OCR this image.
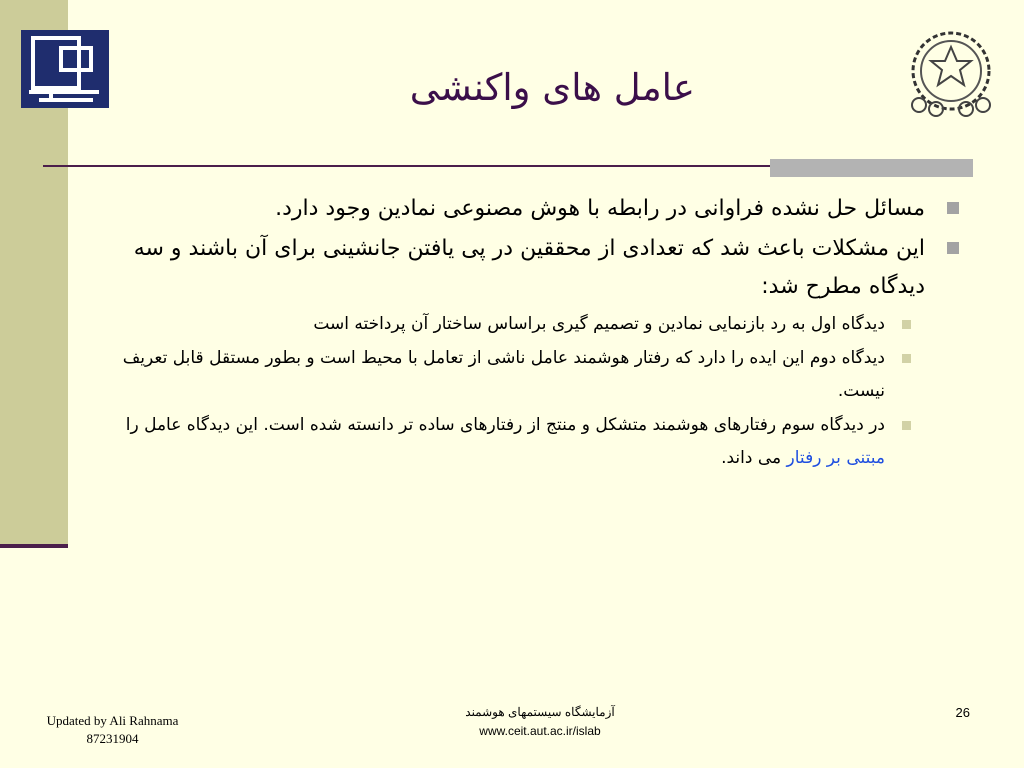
عامل های واکنشی
مسائل حل نشده فراوانی در رابطه با هوش مصنوعی نمادین وجود دارد.
این مشکلات باعث شد که تعدادی از محققین در پی یافتن جانشینی برای آن باشند و سه دیدگاه مطرح شد:
دیدگاه اول به رد بازنمایی نمادین و تصمیم گیری براساس ساختار آن پرداخته است
دیدگاه دوم این ایده را دارد که رفتار هوشمند عامل ناشی از تعامل با محیط است و بطور مستقل قابل تعریف نیست.
در دیدگاه سوم رفتارهای هوشمند متشکل و منتج از رفتارهای ساده تر دانسته شده است. این دیدگاه عامل را مبتنی بر رفتار می داند.
Updated by Ali Rahnama
87231904
آزمایشگاه سیستمهای هوشمند
www.ceit.aut.ac.ir/islab
26
